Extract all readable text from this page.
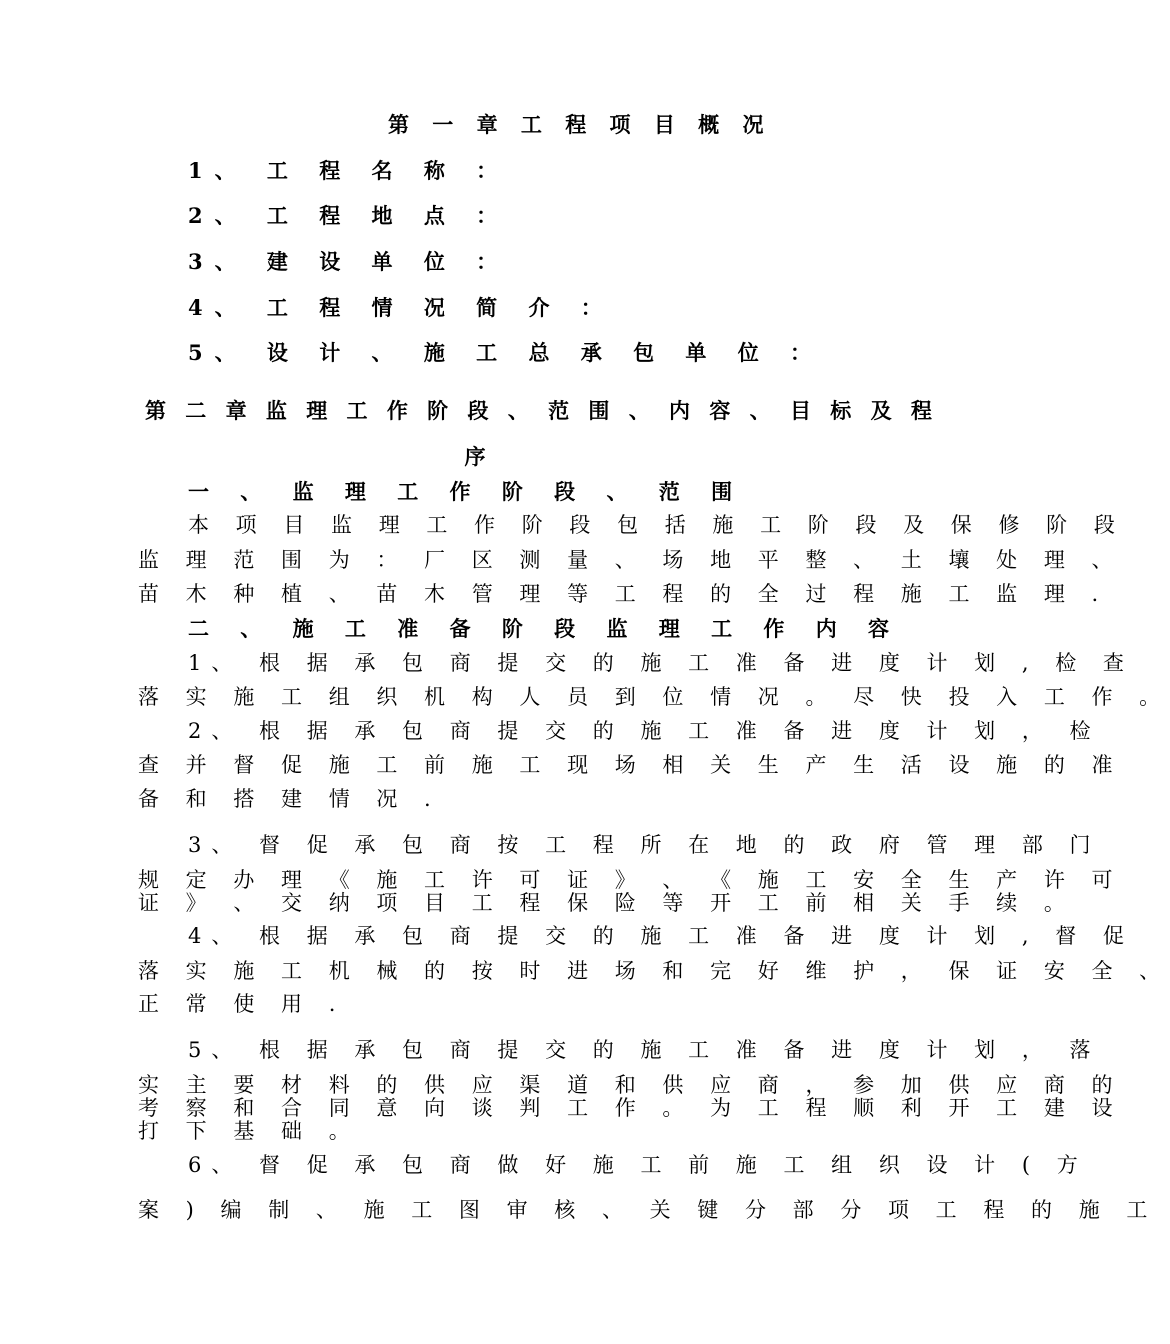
第 一 章 工 程 项 目 概 况
1、 工 程 名 称 ：
2、 工 程 地 点 ：
3、 建 设 单 位 ：
4、 工 程 情 况 简 介 ：
5、 设 计 、 施 工 总 承 包 单 位 ：
第 二 章 监 理 工 作 阶 段 、 范 围 、 内 容 、 目 标 及 程
序
一 、 监 理 工 作 阶 段 、 范 围
本 项 目 监 理 工 作 阶 段 包 括 施 工 阶 段 及 保 修 阶 段
监 理 范 围 为 ： 厂 区 测 量 、 场 地 平 整 、 土 壤 处 理 、
苗 木 种 植 、 苗 木 管 理 等 工 程 的 全 过 程 施 工 监 理 .
二 、 施 工 准 备 阶 段 监 理 工 作 内 容
1、 根 据 承 包 商 提 交 的 施 工 准 备 进 度 计 划 , 检 查
落 实 施 工 组 织 机 构 人 员 到 位 情 况 。 尽 快 投 入 工 作 。
2、 根 据 承 包 商 提 交 的 施 工 准 备 进 度 计 划 ， 检
查 并 督 促 施 工 前 施 工 现 场 相 关 生 产 生 活 设 施 的 准
备 和 搭 建 情 况 .
3、 督 促 承 包 商 按 工 程 所 在 地 的 政 府 管 理 部 门
规 定 办 理 《 施 工 许 可 证 》 、 《 施 工 安 全 生 产 许 可
证 》 、 交 纳 项 目 工 程 保 险 等 开 工 前 相 关 手 续 。
4、 根 据 承 包 商 提 交 的 施 工 准 备 进 度 计 划 , 督 促
落 实 施 工 机 械 的 按 时 进 场 和 完 好 维 护 ， 保 证 安 全 、
正 常 使 用 .
5、 根 据 承 包 商 提 交 的 施 工 准 备 进 度 计 划 ， 落
实 主 要 材 料 的 供 应 渠 道 和 供 应 商 ， 参 加 供 应 商 的
考 察 和 合 同 意 向 谈 判 工 作 。 为 工 程 顺 利 开 工 建 设
打 下 基 础 。
6、 督 促 承 包 商 做 好 施 工 前 施 工 组 织 设 计 ( 方
案 ) 编 制 、 施 工 图 审 核 、 关 键 分 部 分 项 工 程 的 施 工
